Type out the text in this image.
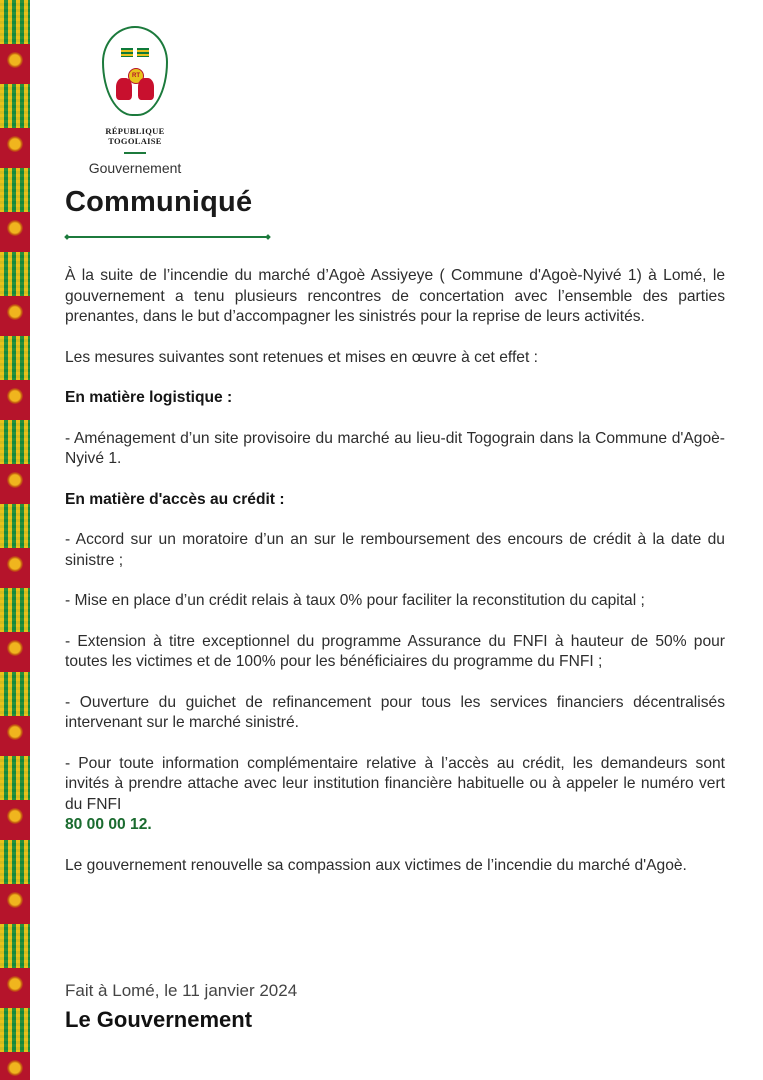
RT
RÉPUBLIQUE TOGOLAISE
Gouvernement
Communiqué

À la suite de l’incendie du marché d’Agoè Assiyeye ( Commune d'Agoè-Nyivé 1) à Lomé, le gouvernement a tenu plusieurs rencontres de concertation avec l’ensemble des parties prenantes, dans le but d’accompagner les sinistrés pour la reprise de leurs activités.

Les mesures suivantes sont retenues et mises en œuvre à cet effet :

En matière logistique :

- Aménagement d’un site provisoire du marché au lieu-dit Togograin dans la Commune d'Agoè-Nyivé 1.

En matière d'accès au crédit :

- Accord sur un moratoire d’un an sur le remboursement des encours de crédit à la date du sinistre ;

- Mise en place d’un crédit relais à taux 0% pour faciliter la reconstitution du capital ;

- Extension à titre exceptionnel du programme Assurance du FNFI à hauteur de 50% pour toutes les victimes et de 100% pour les bénéficiaires du programme du FNFI ;

- Ouverture du guichet de refinancement pour tous les services financiers décentralisés intervenant sur le marché sinistré.

- Pour toute information complémentaire relative à l’accès au crédit, les demandeurs sont invités à prendre attache avec leur institution financière habituelle ou à appeler le numéro vert du FNFI

80 00 00 12.

Le gouvernement renouvelle sa compassion aux victimes de l’incendie du marché d'Agoè.

Fait à Lomé, le 11 janvier 2024
Le Gouvernement
